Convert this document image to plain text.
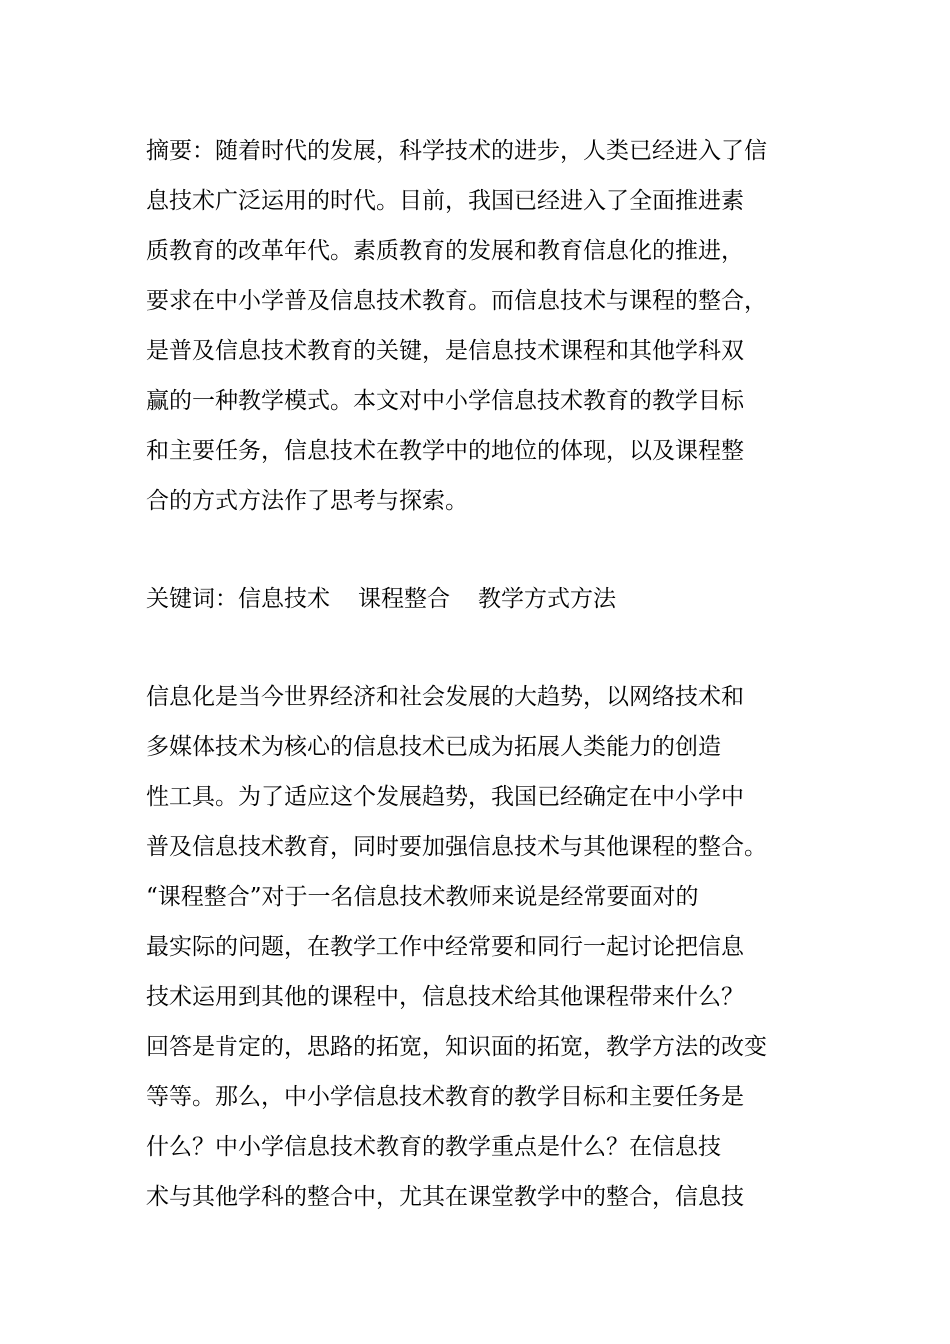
摘要：随着时代的发展，科学技术的进步，人类已经进入了信
息技术广泛运用的时代。目前，我国已经进入了全面推进素
质教育的改革年代。素质教育的发展和教育信息化的推进，
要求在中小学普及信息技术教育。而信息技术与课程的整合，
是普及信息技术教育的关键，是信息技术课程和其他学科双
赢的一种教学模式。本文对中小学信息技术教育的教学目标
和主要任务，信息技术在教学中的地位的体现，以及课程整
合的方式方法作了思考与探索。
关键词：信息技术 课程整合 教学方式方法
信息化是当今世界经济和社会发展的大趋势，以网络技术和
多媒体技术为核心的信息技术已成为拓展人类能力的创造
性工具。为了适应这个发展趋势，我国已经确定在中小学中
普及信息技术教育，同时要加强信息技术与其他课程的整合。
“课程整合”对于一名信息技术教师来说是经常要面对的
最实际的问题，在教学工作中经常要和同行一起讨论把信息
技术运用到其他的课程中，信息技术给其他课程带来什么？
回答是肯定的，思路的拓宽，知识面的拓宽，教学方法的改变
等等。那么，中小学信息技术教育的教学目标和主要任务是
什么？中小学信息技术教育的教学重点是什么？在信息技
术与其他学科的整合中，尤其在课堂教学中的整合，信息技
